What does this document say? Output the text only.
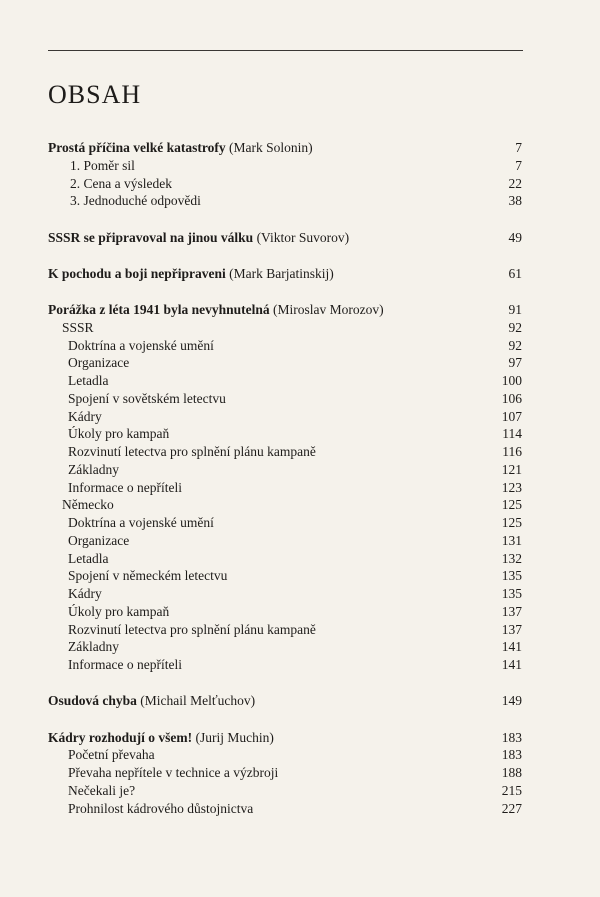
OBSAH
Prostá příčina velké katastrofy (Mark Solonin)	7
1. Poměr sil	7
2. Cena a výsledek	22
3. Jednoduché odpovědi	38
SSSR se připravoval na jinou válku (Viktor Suvorov)	49
K pochodu a boji nepřipraveni (Mark Barjatinskij)	61
Porážka z léta 1941 byla nevyhnutelná (Miroslav Morozov)	91
SSSR	92
Doktrína a vojenské umění	92
Organizace	97
Letadla	100
Spojení v sovětském letectvu	106
Kádry	107
Úkoly pro kampaň	114
Rozvinutí letectva pro splnění plánu kampaně	116
Základny	121
Informace o nepříteli	123
Německo	125
Doktrína a vojenské umění	125
Organizace	131
Letadla	132
Spojení v německém letectvu	135
Kádry	135
Úkoly pro kampaň	137
Rozvinutí letectva pro splnění plánu kampaně	137
Základny	141
Informace o nepříteli	141
Osudová chyba (Michail Melťuchov)	149
Kádry rozhodují o všem! (Jurij Muchin)	183
Početní převaha	183
Převaha nepřítele v technice a výzbroji	188
Nečekali je?	215
Prohnilost kádrového důstojnictva	227
